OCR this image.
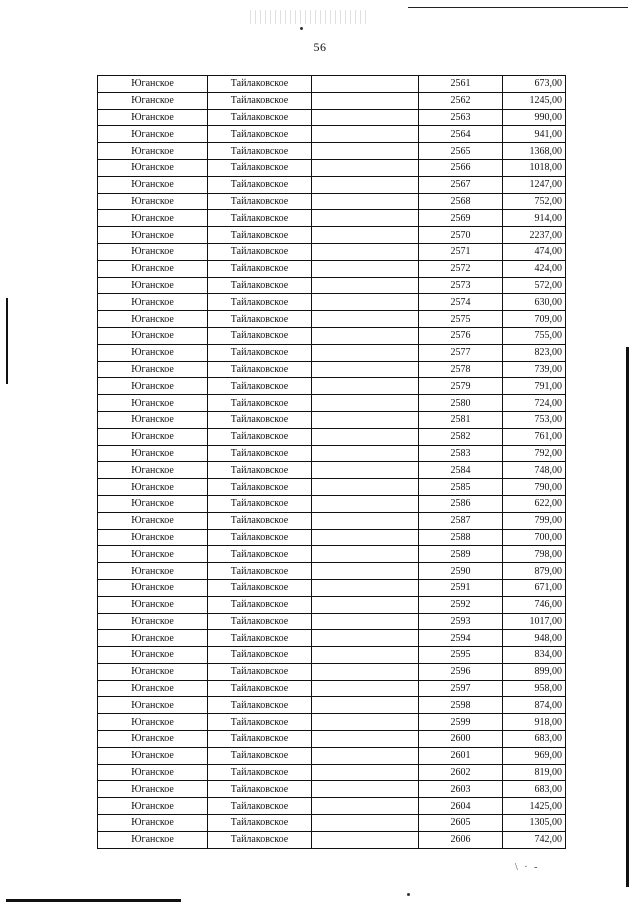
56
Юганское	Тайлаковское		2561	673,00
Юганское	Тайлаковское		2562	1245,00
Юганское	Тайлаковское		2563	990,00
Юганское	Тайлаковское		2564	941,00
Юганское	Тайлаковское		2565	1368,00
Юганское	Тайлаковское		2566	1018,00
Юганское	Тайлаковское		2567	1247,00
Юганское	Тайлаковское		2568	752,00
Юганское	Тайлаковское		2569	914,00
Юганское	Тайлаковское		2570	2237,00
Юганское	Тайлаковское		2571	474,00
Юганское	Тайлаковское		2572	424,00
Юганское	Тайлаковское		2573	572,00
Юганское	Тайлаковское		2574	630,00
Юганское	Тайлаковское		2575	709,00
Юганское	Тайлаковское		2576	755,00
Юганское	Тайлаковское		2577	823,00
Юганское	Тайлаковское		2578	739,00
Юганское	Тайлаковское		2579	791,00
Юганское	Тайлаковское		2580	724,00
Юганское	Тайлаковское		2581	753,00
Юганское	Тайлаковское		2582	761,00
Юганское	Тайлаковское		2583	792,00
Юганское	Тайлаковское		2584	748,00
Юганское	Тайлаковское		2585	790,00
Юганское	Тайлаковское		2586	622,00
Юганское	Тайлаковское		2587	799,00
Юганское	Тайлаковское		2588	700,00
Юганское	Тайлаковское		2589	798,00
Юганское	Тайлаковское		2590	879,00
Юганское	Тайлаковское		2591	671,00
Юганское	Тайлаковское		2592	746,00
Юганское	Тайлаковское		2593	1017,00
Юганское	Тайлаковское		2594	948,00
Юганское	Тайлаковское		2595	834,00
Юганское	Тайлаковское		2596	899,00
Юганское	Тайлаковское		2597	958,00
Юганское	Тайлаковское		2598	874,00
Юганское	Тайлаковское		2599	918,00
Юганское	Тайлаковское		2600	683,00
Юганское	Тайлаковское		2601	969,00
Юганское	Тайлаковское		2602	819,00
Юганское	Тайлаковское		2603	683,00
Юганское	Тайлаковское		2604	1425,00
Юганское	Тайлаковское		2605	1305,00
Юганское	Тайлаковское		2606	742,00
\ · -
